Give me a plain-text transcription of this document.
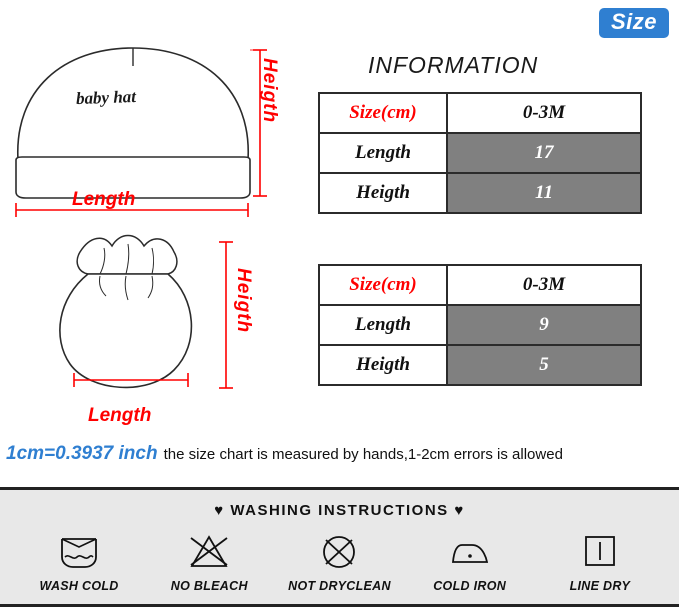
Size
INFORMATION
baby hat	Heigth
Length
Heigth
Length
Size(cm)	0-3M
Length	17
Heigth	11
Size(cm)	0-3M
Length	9
Heigth	5
1cm=0.3937 inch the size chart is measured by hands,1-2cm errors is allowed
♥ WASHING INSTRUCTIONS ♥
WASH COLD	NO BLEACH	NOT DRYCLEAN	COLD IRON	LINE DRY
